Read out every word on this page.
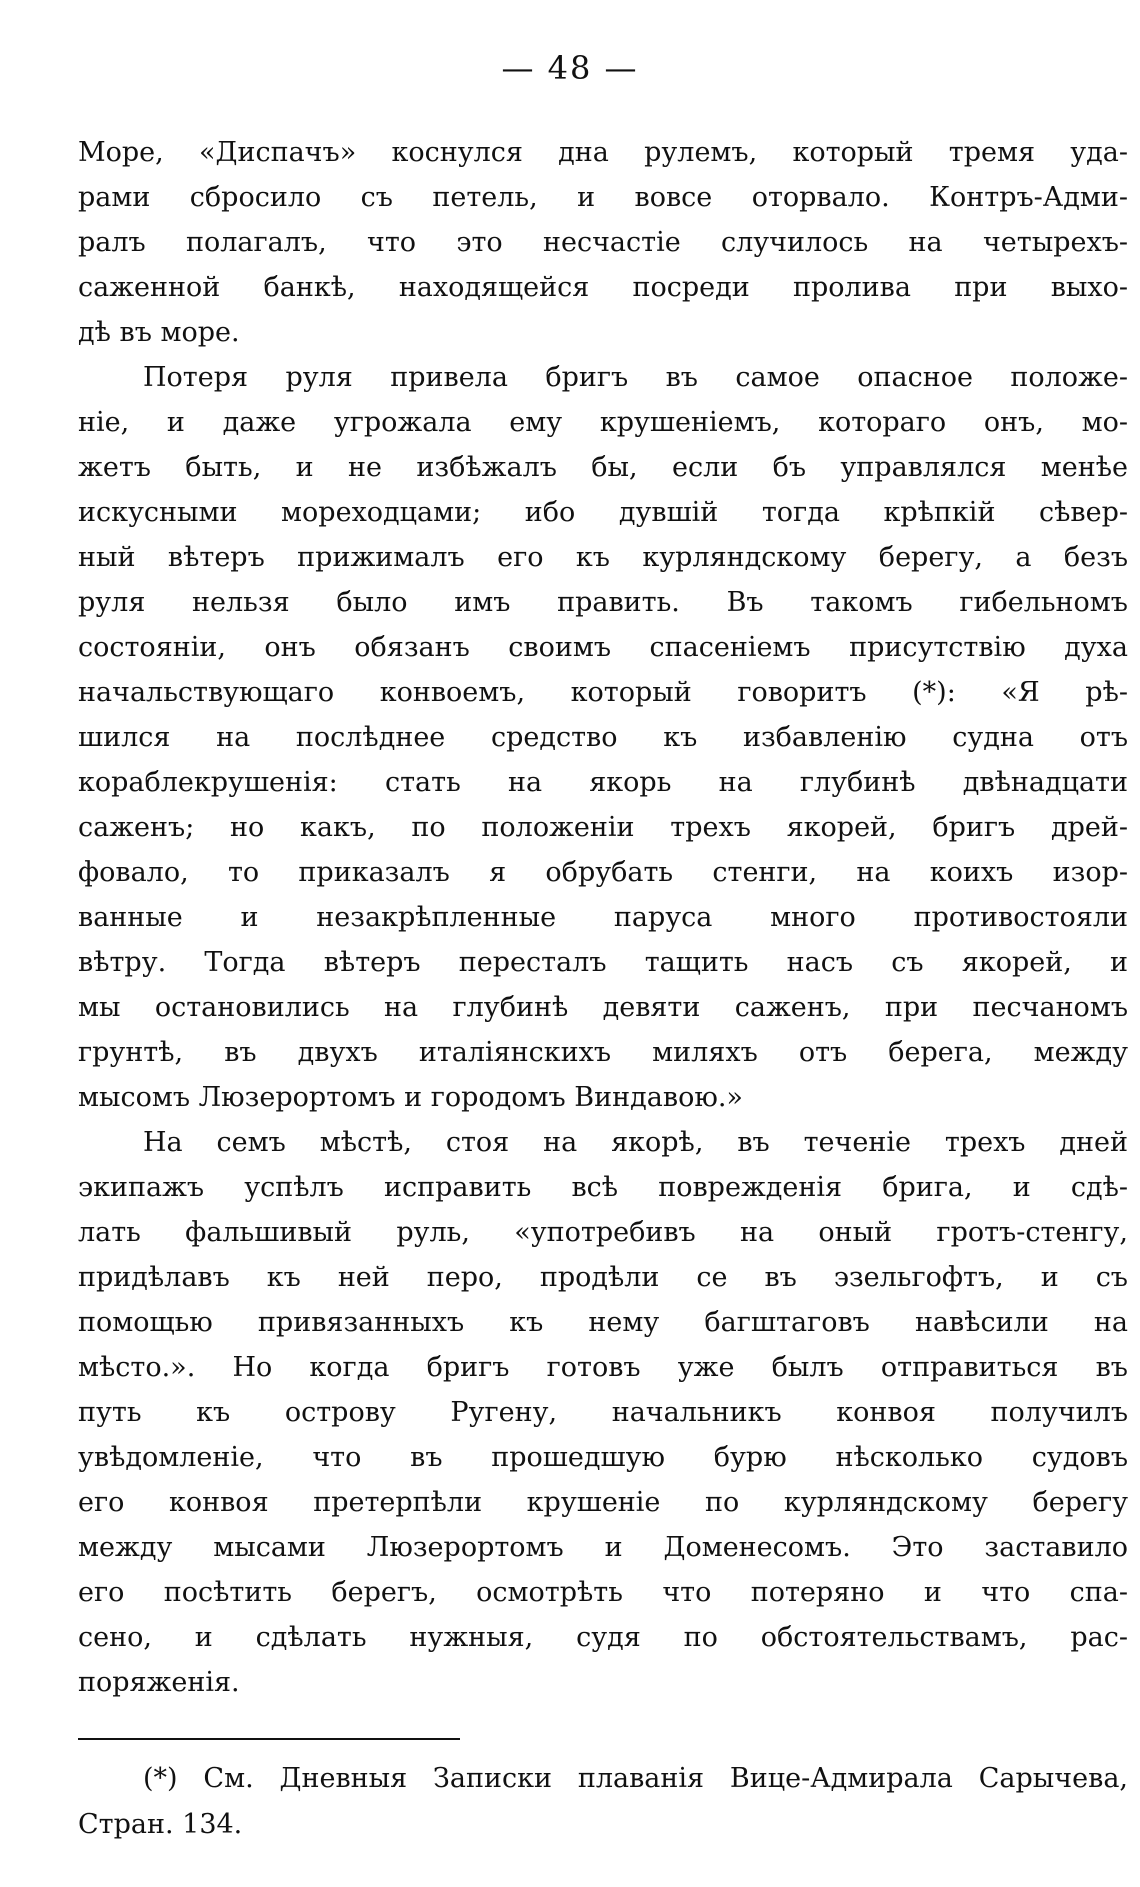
— 48 —
Море, «Диспачъ» коснулся дна рулемъ, который тремя уда-
рами сбросило съ петель, и вовсе оторвало. Контръ-Адми-
ралъ полагалъ, что это несчастіе случилось на четырехъ-
саженной банкѣ, находящейся посреди пролива при выхо-
дѣ въ море.
Потеря руля привела бригъ въ самое опасное положе-
ніе, и даже угрожала ему крушеніемъ, котораго онъ, мо-
жетъ быть, и не избѣжалъ бы, если бъ управлялся менѣе
искусными мореходцами; ибо дувшій тогда крѣпкій сѣвер-
ный вѣтеръ прижималъ его къ курляндскому берегу, а безъ
руля нельзя было имъ править. Въ такомъ гибельномъ
состояніи, онъ обязанъ своимъ спасеніемъ присутствію духа
начальствующаго конвоемъ, который говоритъ (*): «Я рѣ-
шился на послѣднее средство къ избавленію судна отъ
кораблекрушенія: стать на якорь на глубинѣ двѣнадцати
саженъ; но какъ, по положеніи трехъ якорей, бригъ дрей-
фовало, то приказалъ я обрубать стенги, на коихъ изор-
ванные и незакрѣпленные паруса много противостояли
вѣтру. Тогда вѣтеръ пересталъ тащить насъ съ якорей, и
мы остановились на глубинѣ девяти саженъ, при песчаномъ
грунтѣ, въ двухъ италіянскихъ миляхъ отъ берега, между
мысомъ Люзерортомъ и городомъ Виндавою.»
На семъ мѣстѣ, стоя на якорѣ, въ теченіе трехъ дней
экипажъ успѣлъ исправить всѣ поврежденія брига, и сдѣ-
лать фальшивый руль, «употребивъ на оный гротъ-стенгу,
придѣлавъ къ ней перо, продѣли се въ эзельгофтъ, и съ
помощью привязанныхъ къ нему багштаговъ навѣсили на
мѣсто.». Но когда бригъ готовъ уже былъ отправиться въ
путь къ острову Ругену, начальникъ конвоя получилъ
увѣдомленіе, что въ прошедшую бурю нѣсколько судовъ
его конвоя претерпѣли крушеніе по курляндскому берегу
между мысами Люзерортомъ и Доменесомъ. Это заставило
его посѣтить берегъ, осмотрѣть что потеряно и что спа-
сено, и сдѣлать нужныя, судя по обстоятельствамъ, рас-
поряженія.
(*) См. Дневныя Записки плаванія Вице-Адмирала Сарычева,
Стран. 134.
